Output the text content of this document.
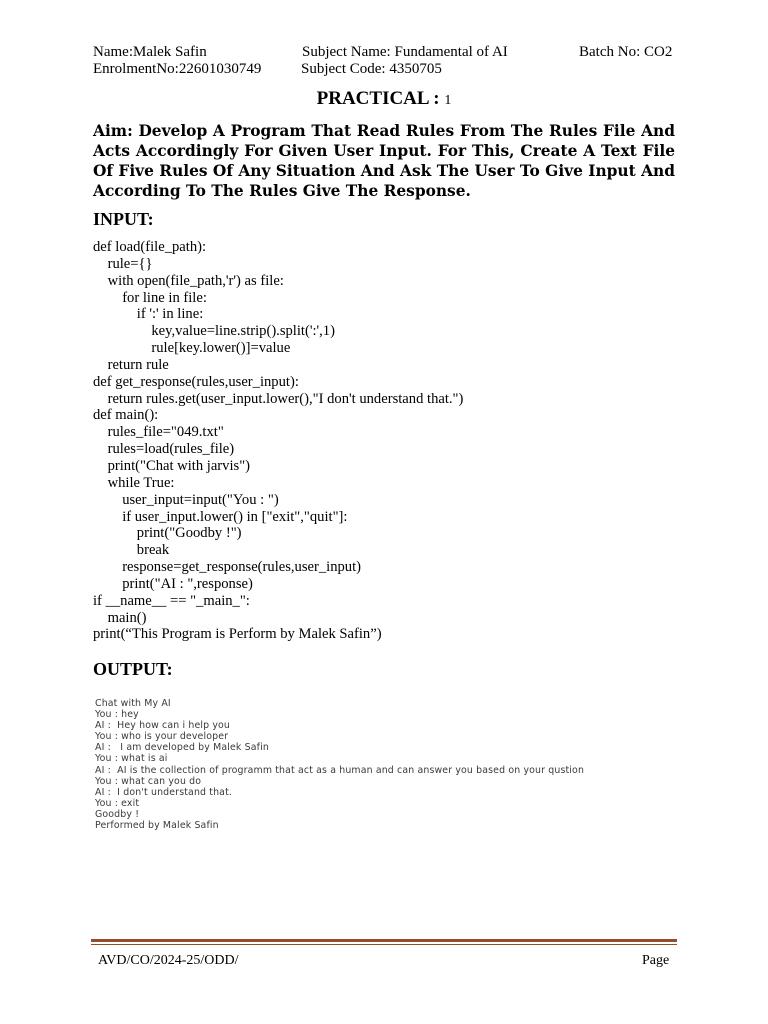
Name:Malek Safin
EnrolmentNo:22601030749
Subject Name: Fundamental of AI
Subject Code: 4350705
Batch No: CO2
PRACTICAL : 1
Aim: Develop A Program That Read Rules From The Rules File And Acts Accordingly For Given User Input. For This, Create A Text File Of Five Rules Of Any Situation And Ask The User To Give Input And According To The Rules Give The Response.
INPUT:
def load(file_path):
rule={}
with open(file_path,'r') as file:
for line in file:
if ':' in line:
key,value=line.strip().split(':',1)
rule[key.lower()]=value
return rule
def get_response(rules,user_input):
return rules.get(user_input.lower(),"I don't understand that.")
def main():
rules_file="049.txt"
rules=load(rules_file)
print("Chat with jarvis")
while True:
user_input=input("You : ")
if user_input.lower() in ["exit","quit"]:
print("Goodby !")
break
response=get_response(rules,user_input)
print("AI : ",response)
if __name__ == "_main_":
main()
print(“This Program is Perform by Malek Safin”)
OUTPUT:
Chat with My AI
You : hey
AI :  Hey how can i help you
You : who is your developer
AI :   I am developed by Malek Safin
You : what is ai
AI :  AI is the collection of programm that act as a human and can answer you based on your qustion
You : what can you do
AI :  I don't understand that.
You : exit
Goodby !
Performed by Malek Safin
AVD/CO/2024-25/ODD/	Page
